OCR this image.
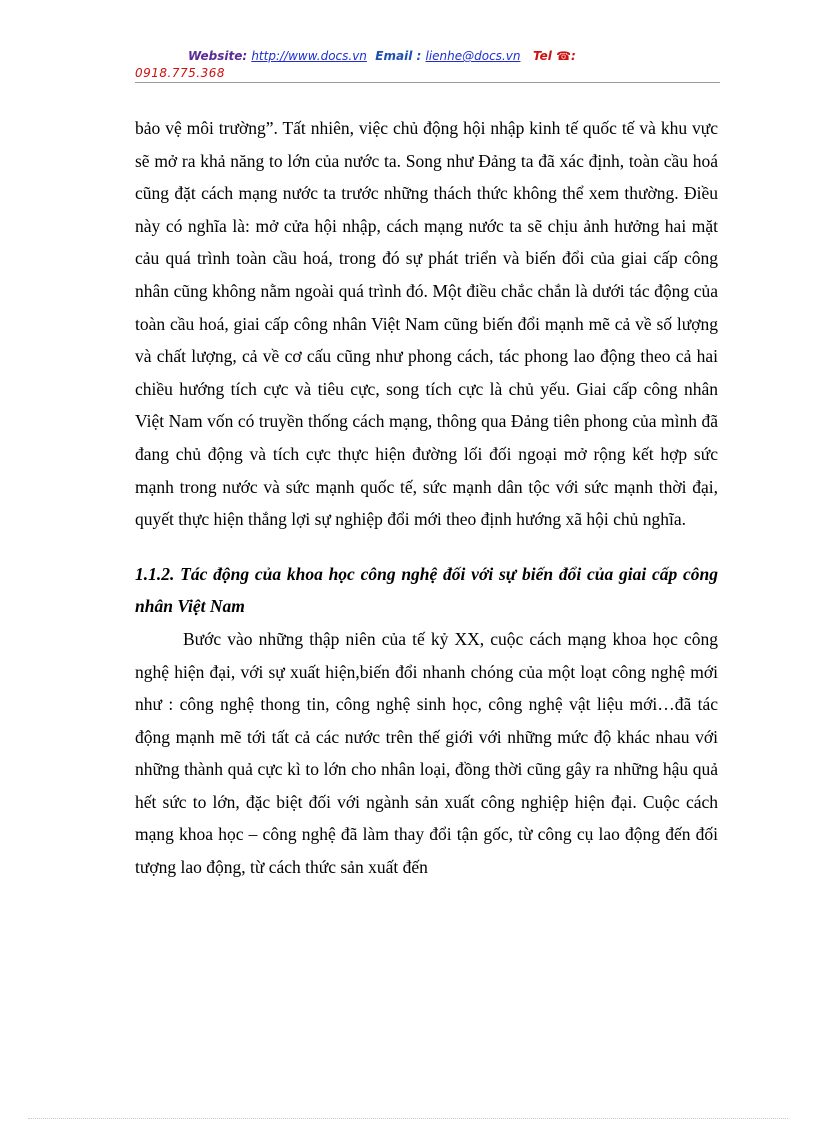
Website: http://www.docs.vn Email : lienhe@docs.vn Tel ☎:
0918.775.368

bảo vệ môi trường”. Tất nhiên, việc chủ động hội nhập kinh tế quốc tế và khu vực sẽ mở ra khả năng to lớn của nước ta. Song như Đảng ta đã xác định, toàn cầu hoá cũng đặt cách mạng nước ta trước những thách thức không thể xem thường. Điều này có nghĩa là: mở cửa hội nhập, cách mạng nước ta sẽ chịu ảnh hưởng hai mặt cảu quá trình toàn cầu hoá, trong đó sự phát triển và biến đổi của giai cấp công nhân cũng không nằm ngoài quá trình đó. Một điều chắc chắn là dưới tác động của toàn cầu hoá, giai cấp công nhân Việt Nam cũng biến đổi mạnh mẽ cả về số lượng và chất lượng, cả về cơ cấu cũng như phong cách, tác phong lao động theo cả hai chiều hướng tích cực và tiêu cực, song tích cực là chủ yếu. Giai cấp công nhân Việt Nam vốn có truyền thống cách mạng, thông qua Đảng tiên phong của mình đã đang chủ động và tích cực thực hiện đường lối đối ngoại mở rộng kết hợp sức mạnh trong nước và sức mạnh quốc tế, sức mạnh dân tộc với sức mạnh thời đại, quyết thực hiện thắng lợi sự nghiệp đổi mới theo định hướng xã hội chủ nghĩa.

1.1.2. Tác động của khoa học công nghệ đối với sự biến đổi của giai cấp công nhân Việt Nam

Bước vào những thập niên của tế kỷ XX, cuộc cách mạng khoa học công nghệ hiện đại, với sự xuất hiện,biến đổi nhanh chóng của một loạt công nghệ mới như : công nghệ thong tin, công nghệ sinh học, công nghệ vật liệu mới…đã tác động mạnh mẽ tới tất cả các nước trên thế giới với những mức độ khác nhau với những thành quả cực kì to lớn cho nhân loại, đồng thời cũng gây ra những hậu quả hết sức to lớn, đặc biệt đối với ngành sản xuất công nghiệp hiện đại. Cuộc cách mạng khoa học – công nghệ đã làm thay đổi tận gốc, từ công cụ lao động đến đối tượng lao động, từ cách thức sản xuất đến
